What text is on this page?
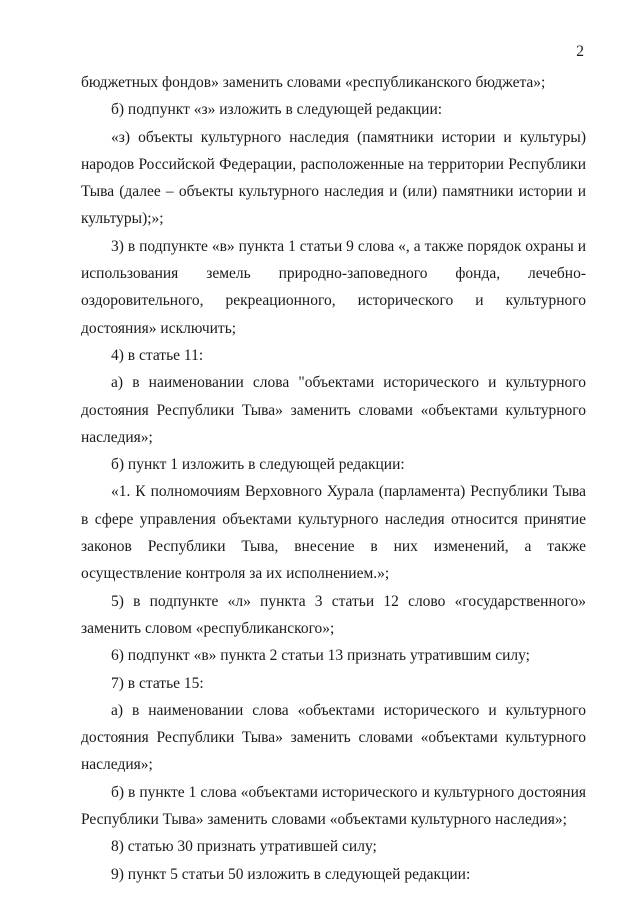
2

бюджетных фондов» заменить словами «республиканского бюджета»;

б) подпункт «з» изложить в следующей редакции:

«з) объекты культурного наследия (памятники истории и культуры) народов Российской Федерации, расположенные на территории Республики Тыва (далее – объекты культурного наследия и (или) памятники истории и культуры);»;

3) в подпункте «в» пункта 1 статьи 9 слова «, а также порядок охраны и использования земель природно-заповедного фонда, лечебно-оздоровительного, рекреационного, исторического и культурного достояния» исключить;

4) в статье 11:

а) в наименовании слова "объектами исторического и культурного достояния Республики Тыва» заменить словами «объектами культурного наследия»;

б) пункт 1 изложить в следующей редакции:

«1. К полномочиям Верховного Хурала (парламента) Республики Тыва в сфере управления объектами культурного наследия относится принятие законов Республики Тыва, внесение в них изменений, а также осуществление контроля за их исполнением.»;

5) в подпункте «л» пункта 3 статьи 12 слово «государственного» заменить словом «республиканского»;

6) подпункт «в» пункта 2 статьи 13 признать утратившим силу;

7) в статье 15:

а) в наименовании слова «объектами исторического и культурного достояния Республики Тыва» заменить словами «объектами культурного наследия»;

б) в пункте 1 слова «объектами исторического и культурного достояния Республики Тыва» заменить словами «объектами культурного наследия»;

8) статью 30 признать утратившей силу;

9) пункт 5 статьи 50 изложить в следующей редакции:
